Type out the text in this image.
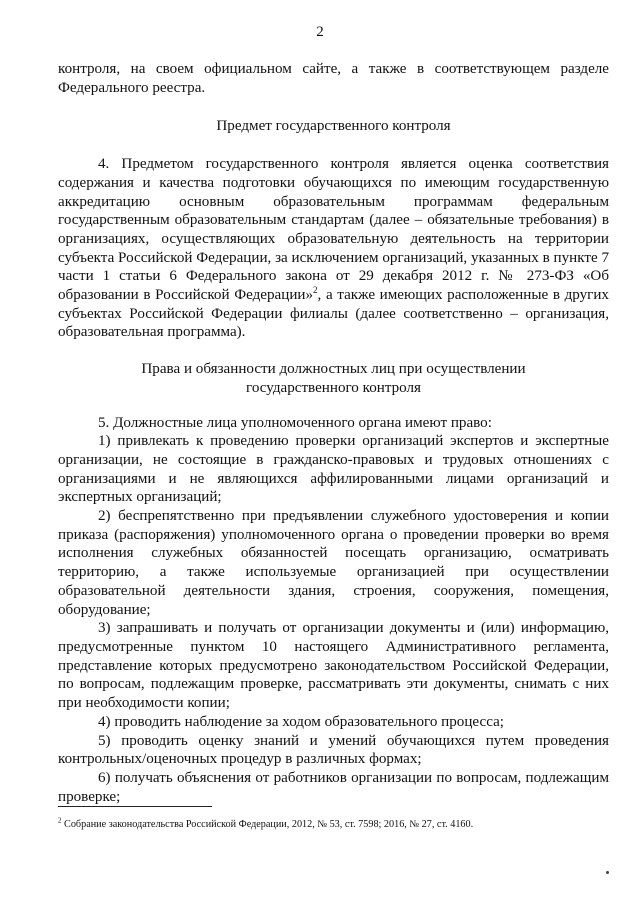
2

контроля, на своем официальном сайте, а также в соответствующем разделе Федерального реестра.

Предмет государственного контроля

4. Предметом государственного контроля является оценка соответствия содержания и качества подготовки обучающихся по имеющим государственную аккредитацию основным образовательным программам федеральным государственным образовательным стандартам (далее – обязательные требования) в организациях, осуществляющих образовательную деятельность на территории субъекта Российской Федерации, за исключением организаций, указанных в пункте 7 части 1 статьи 6 Федерального закона от 29 декабря 2012 г. № 273-ФЗ «Об образовании в Российской Федерации»$^2$, а также имеющих расположенные в других субъектах Российской Федерации филиалы (далее соответственно – организация, образовательная программа).

Права и обязанности должностных лиц при осуществлении
государственного контроля

5. Должностные лица уполномоченного органа имеют право:

1) привлекать к проведению проверки организаций экспертов и экспертные организации, не состоящие в гражданско-правовых и трудовых отношениях с организациями и не являющихся аффилированными лицами организаций и экспертных организаций;

2) беспрепятственно при предъявлении служебного удостоверения и копии приказа (распоряжения) уполномоченного органа о проведении проверки во время исполнения служебных обязанностей посещать организацию, осматривать территорию, а также используемые организацией при осуществлении образовательной деятельности здания, строения, сооружения, помещения, оборудование;

3) запрашивать и получать от организации документы и (или) информацию, предусмотренные пунктом 10 настоящего Административного регламента, представление которых предусмотрено законодательством Российской Федерации, по вопросам, подлежащим проверке, рассматривать эти документы, снимать с них при необходимости копии;

4) проводить наблюдение за ходом образовательного процесса;

5) проводить оценку знаний и умений обучающихся путем проведения контрольных/оценочных процедур в различных формах;

6) получать объяснения от работников организации по вопросам, подлежащим проверке;

$^2$ Собрание законодательства Российской Федерации, 2012, № 53, ст. 7598; 2016, № 27, ст. 4160.
